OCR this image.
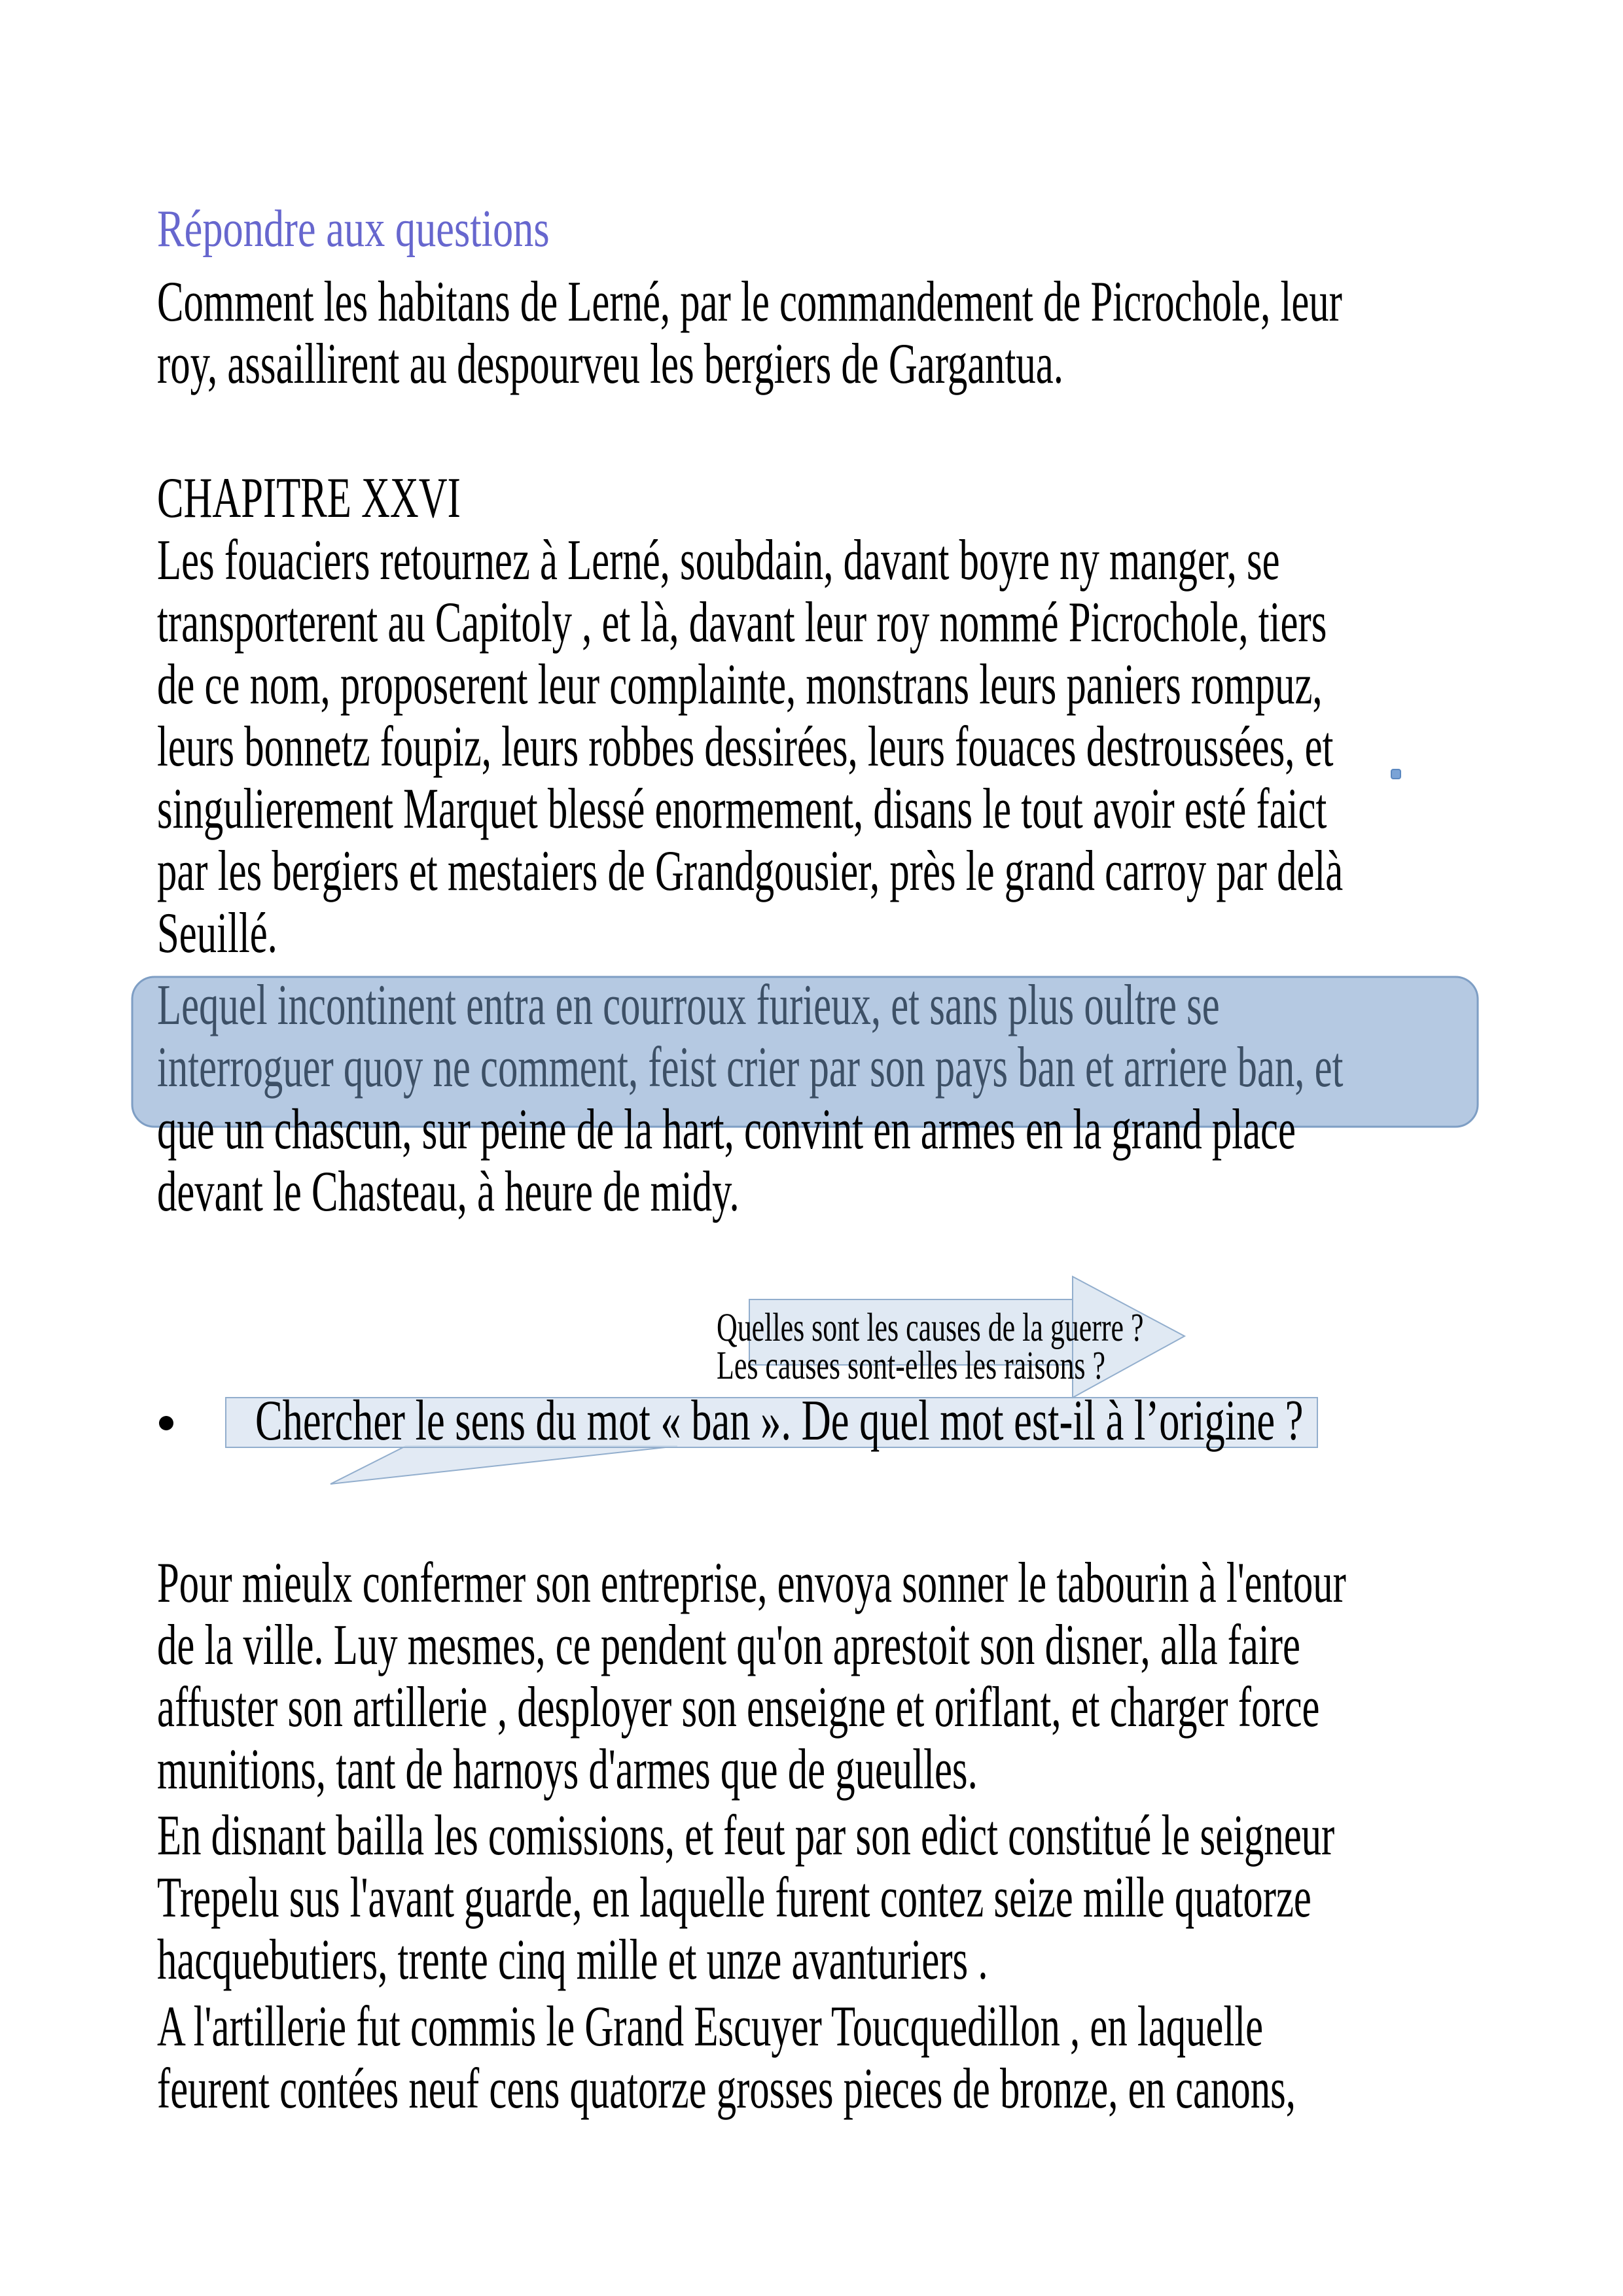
Répondre aux questions
Comment les habitans de Lerné, par le commandement de Picrochole, leur
roy, assaillirent au despourveu les bergiers de Gargantua.
CHAPITRE XXVI
Les fouaciers retournez à Lerné, soubdain, davant boyre ny manger, se
transporterent au Capitoly , et là, davant leur roy nommé Picrochole, tiers
de ce nom, proposerent leur complainte, monstrans leurs paniers rompuz,
leurs bonnetz foupiz, leurs robbes dessirées, leurs fouaces destroussées, et
singulierement Marquet blessé enormement, disans le tout avoir esté faict
par les bergiers et mestaiers de Grandgousier, près le grand carroy par delà
Seuillé.
Lequel incontinent entra en courroux furieux, et sans plus oultre se
interroguer quoy ne comment, feist crier par son pays ban et arriere ban, et
que un chascun, sur peine de la hart, convint en armes en la grand place
devant le Chasteau, à heure de midy.
Quelles sont les causes de la guerre ?
Les causes sont-elles les raisons ?
Chercher le sens du mot « ban ». De quel mot est-il à l’origine ?
Pour mieulx confermer son entreprise, envoya sonner le tabourin à l'entour
de la ville. Luy mesmes, ce pendent qu'on aprestoit son disner, alla faire
affuster son artillerie , desployer son enseigne et oriflant, et charger force
munitions, tant de harnoys d'armes que de gueulles.
En disnant bailla les comissions, et feut par son edict constitué le seigneur
Trepelu sus l'avant guarde, en laquelle furent contez seize mille quatorze
hacquebutiers, trente cinq mille et unze avanturiers .
A l'artillerie fut commis le Grand Escuyer Toucquedillon , en laquelle
feurent contées neuf cens quatorze grosses pieces de bronze, en canons,
